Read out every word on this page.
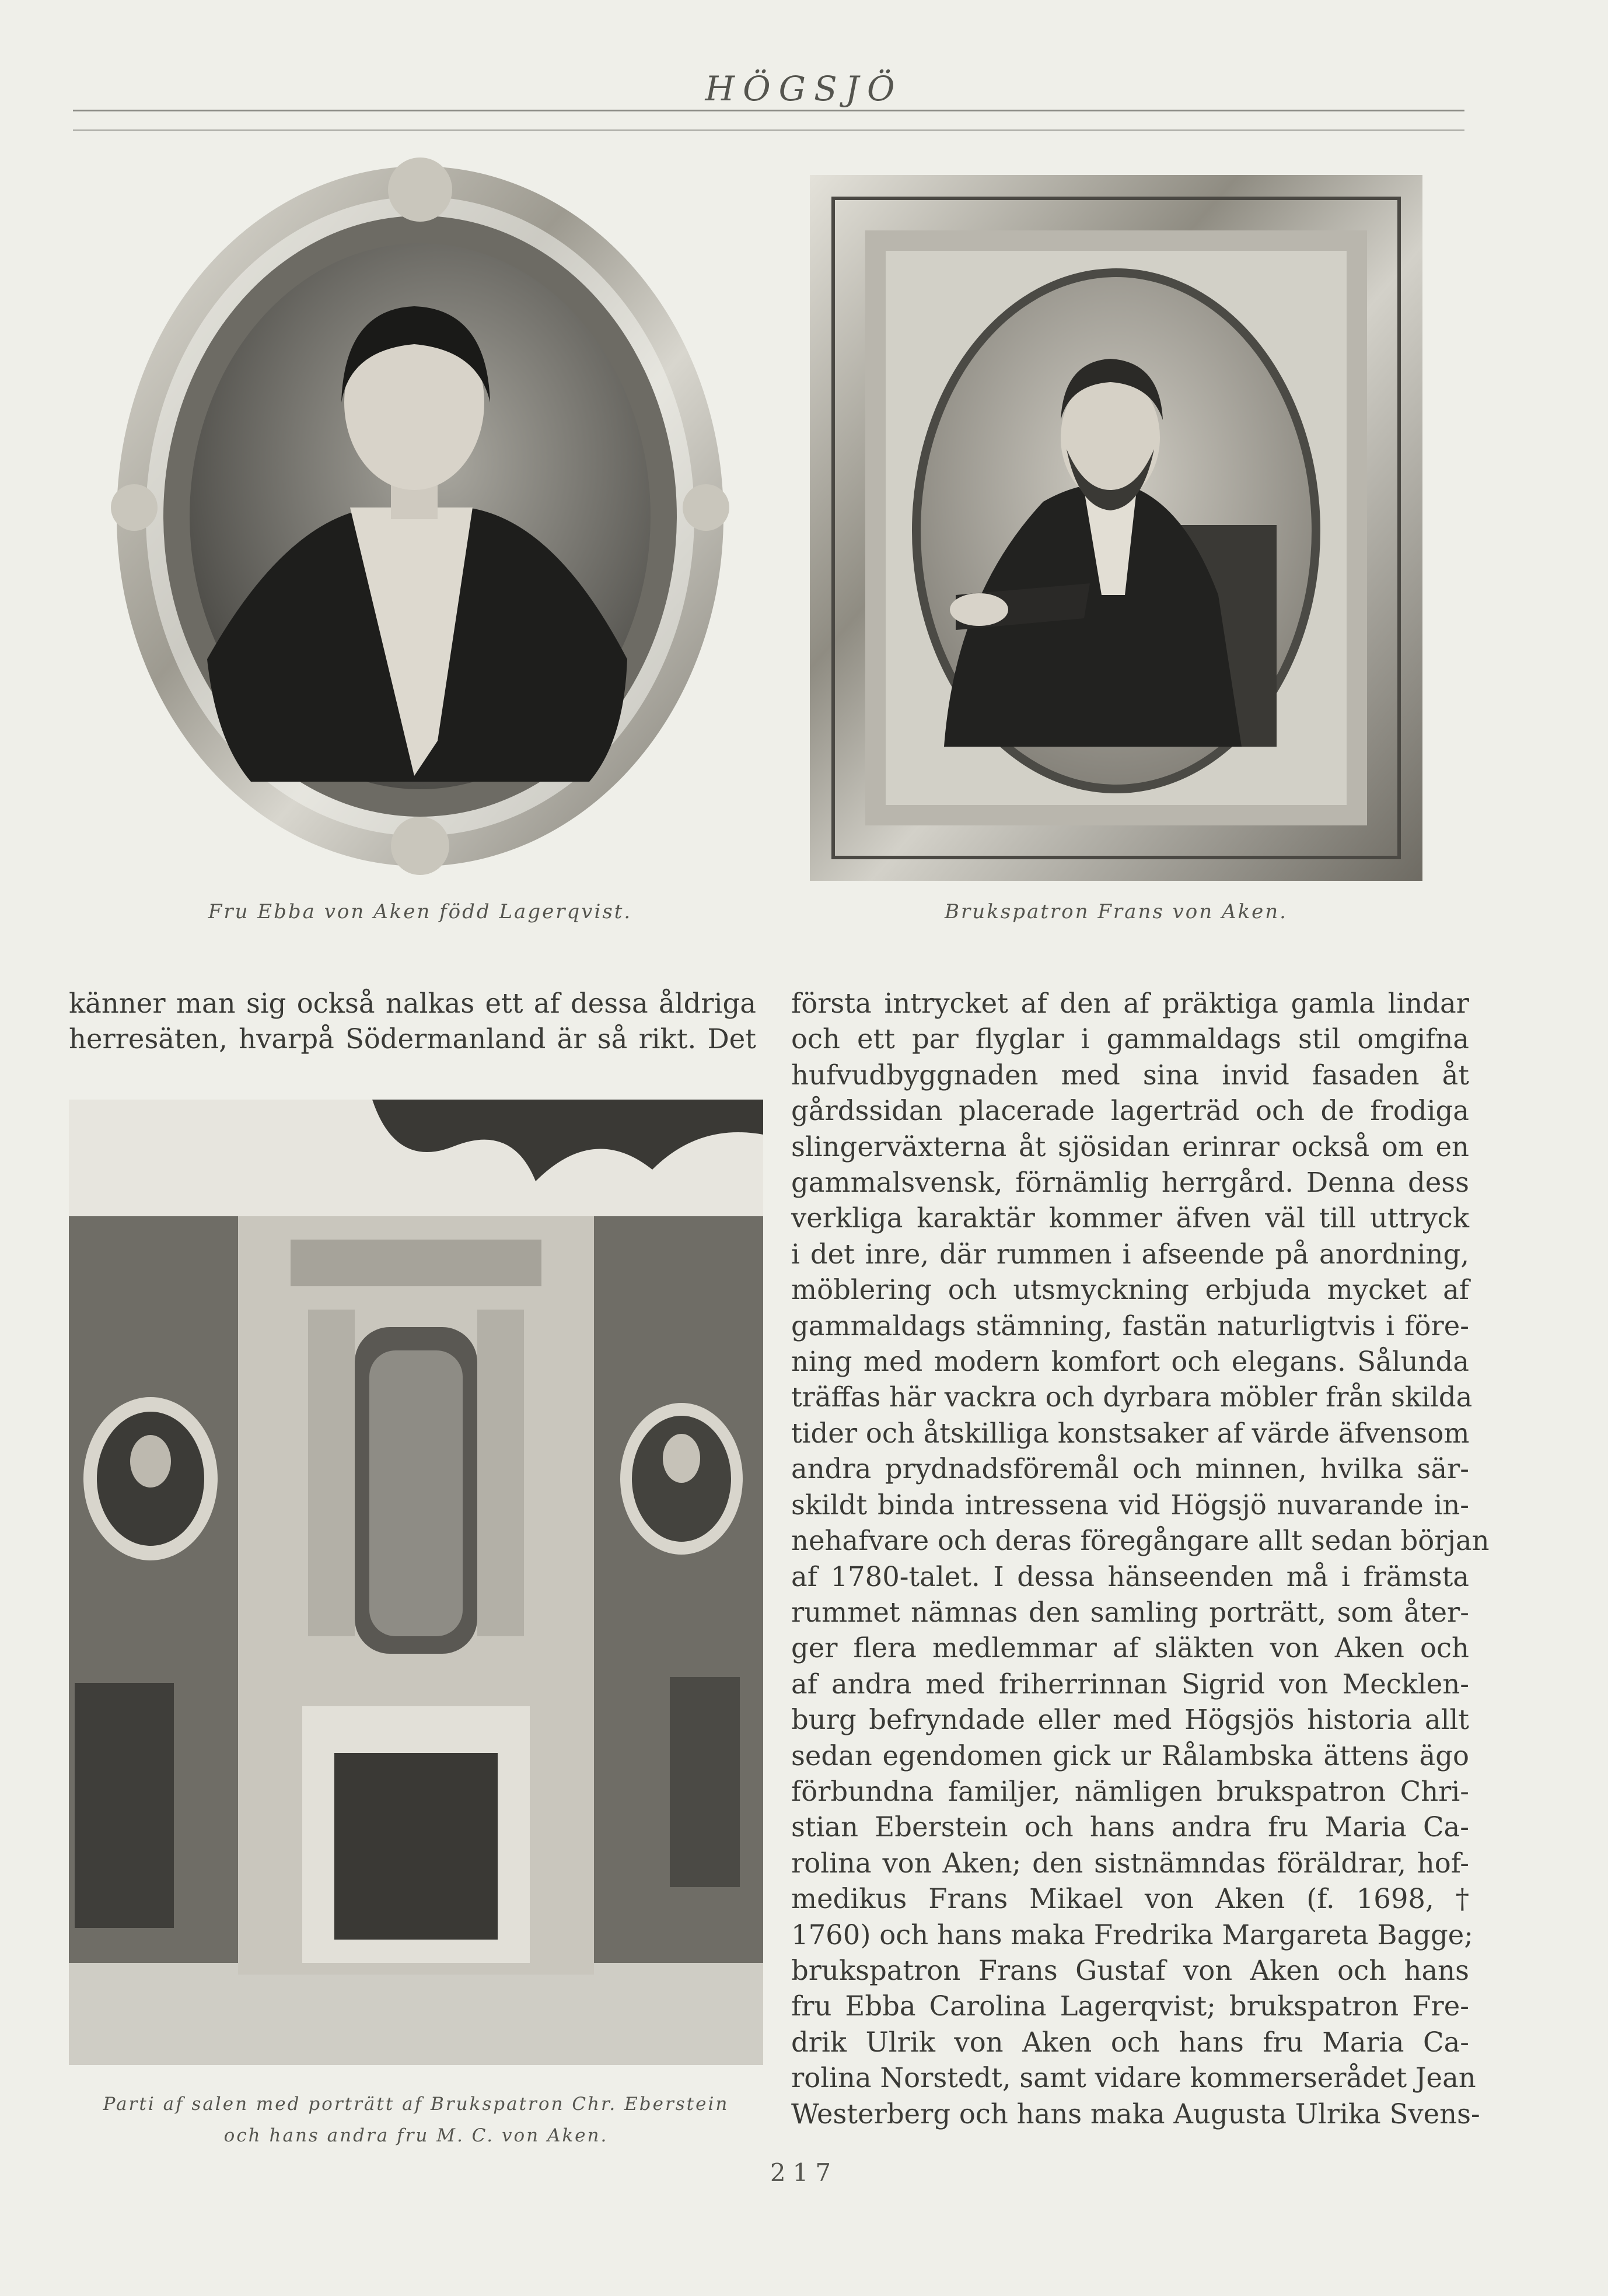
HÖGSJÖ
Fru Ebba von Aken född Lagerqvist.	Brukspatron Frans von Aken.
känner man sig också nalkas ett af dessa åldriga
herresäten, hvarpå Södermanland är så rikt. Det
Parti af salen med porträtt af Brukspatron Chr. Eberstein
och hans andra fru M. C. von Aken.
första intrycket af den af präktiga gamla lindar
och ett par flyglar i gammaldags stil omgifna
hufvudbyggnaden med sina invid fasaden åt
gårdssidan placerade lagerträd och de frodiga
slingerväxterna åt sjösidan erinrar också om en
gammalsvensk, förnämlig herrgård. Denna dess
verkliga karaktär kommer äfven väl till uttryck
i det inre, där rummen i afseende på anordning,
möblering och utsmyckning erbjuda mycket af
gammaldags stämning, fastän naturligtvis i före-
ning med modern komfort och elegans. Sålunda
träffas här vackra och dyrbara möbler från skilda
tider och åtskilliga konstsaker af värde äfvensom
andra prydnadsföremål och minnen, hvilka sär-
skildt binda intressena vid Högsjö nuvarande in-
nehafvare och deras föregångare allt sedan början
af 1780-talet. I dessa hänseenden må i främsta
rummet nämnas den samling porträtt, som åter-
ger flera medlemmar af släkten von Aken och
af andra med friherrinnan Sigrid von Mecklen-
burg befryndade eller med Högsjös historia allt
sedan egendomen gick ur Rålambska ättens ägo
förbundna familjer, nämligen brukspatron Chri-
stian Eberstein och hans andra fru Maria Ca-
rolina von Aken; den sistnämndas föräldrar, hof-
medikus Frans Mikael von Aken (f. 1698, †
1760) och hans maka Fredrika Margareta Bagge;
brukspatron Frans Gustaf von Aken och hans
fru Ebba Carolina Lagerqvist; brukspatron Fre-
drik Ulrik von Aken och hans fru Maria Ca-
rolina Norstedt, samt vidare kommerserådet Jean
Westerberg och hans maka Augusta Ulrika Svens-
217
